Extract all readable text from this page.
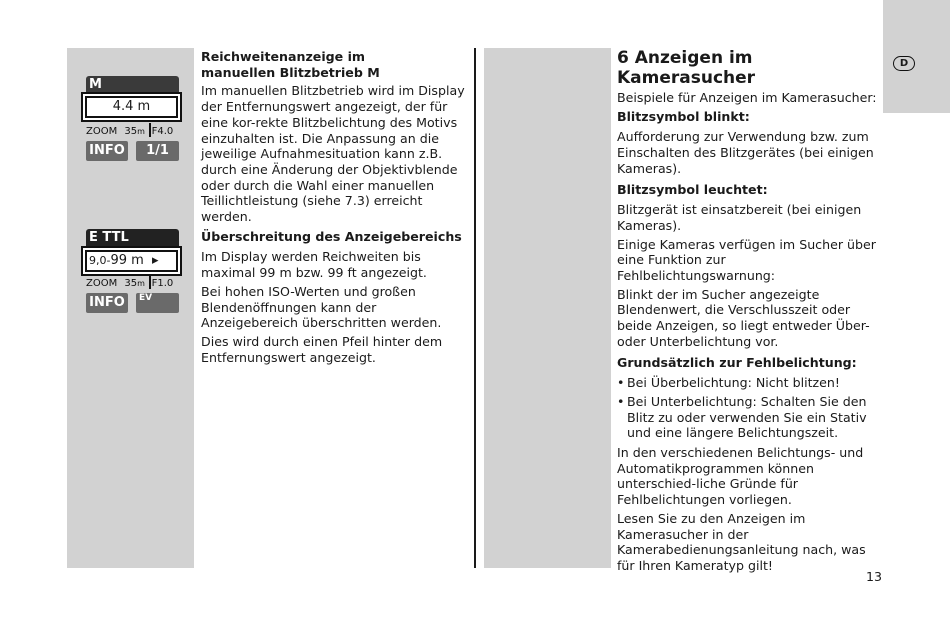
D
M
4.4 m
ZOOM 35m F4.0
INFO	1/1
E TTL
9,0-99 m ▸
ZOOM 35m F1.0
INFO	EV

Reichweitenanzeige im manuellen Blitzbetrieb M

Im manuellen Blitzbetrieb wird im Display der Entfernungswert angezeigt, der für eine kor-rekte Blitzbelichtung des Motivs einzuhalten ist. Die Anpassung an die jeweilige Aufnahmesituation kann z.B. durch eine Änderung der Objektivblende oder durch die Wahl einer manuellen Teillichtleistung (siehe 7.3) erreicht werden.

Überschreitung des Anzeigebereichs

Im Display werden Reichweiten bis maximal 99 m bzw. 99 ft angezeigt.

Bei hohen ISO-Werten und großen Blendenöffnungen kann der Anzeigebereich überschritten werden.

Dies wird durch einen Pfeil hinter dem Entfernungswert angezeigt.

6 Anzeigen im Kamerasucher

Beispiele für Anzeigen im Kamerasucher:

Blitzsymbol blinkt:

Aufforderung zur Verwendung bzw. zum Einschalten des Blitzgerätes (bei einigen Kameras).

Blitzsymbol leuchtet:

Blitzgerät ist einsatzbereit (bei einigen Kameras).

Einige Kameras verfügen im Sucher über eine Funktion zur Fehlbelichtungswarnung:

Blinkt der im Sucher angezeigte Blendenwert, die Verschlusszeit oder beide Anzeigen, so liegt entweder Über- oder Unterbelichtung vor.

Grundsätzlich zur Fehlbelichtung:

• Bei Überbelichtung: Nicht blitzen!
• Bei Unterbelichtung: Schalten Sie den Blitz zu oder verwenden Sie ein Stativ und eine längere Belichtungszeit.

In den verschiedenen Belichtungs- und Automatikprogrammen können unterschied-liche Gründe für Fehlbelichtungen vorliegen.

Lesen Sie zu den Anzeigen im Kamerasucher in der Kamerabedienungsanleitung nach, was für Ihren Kameratyp gilt!

13
